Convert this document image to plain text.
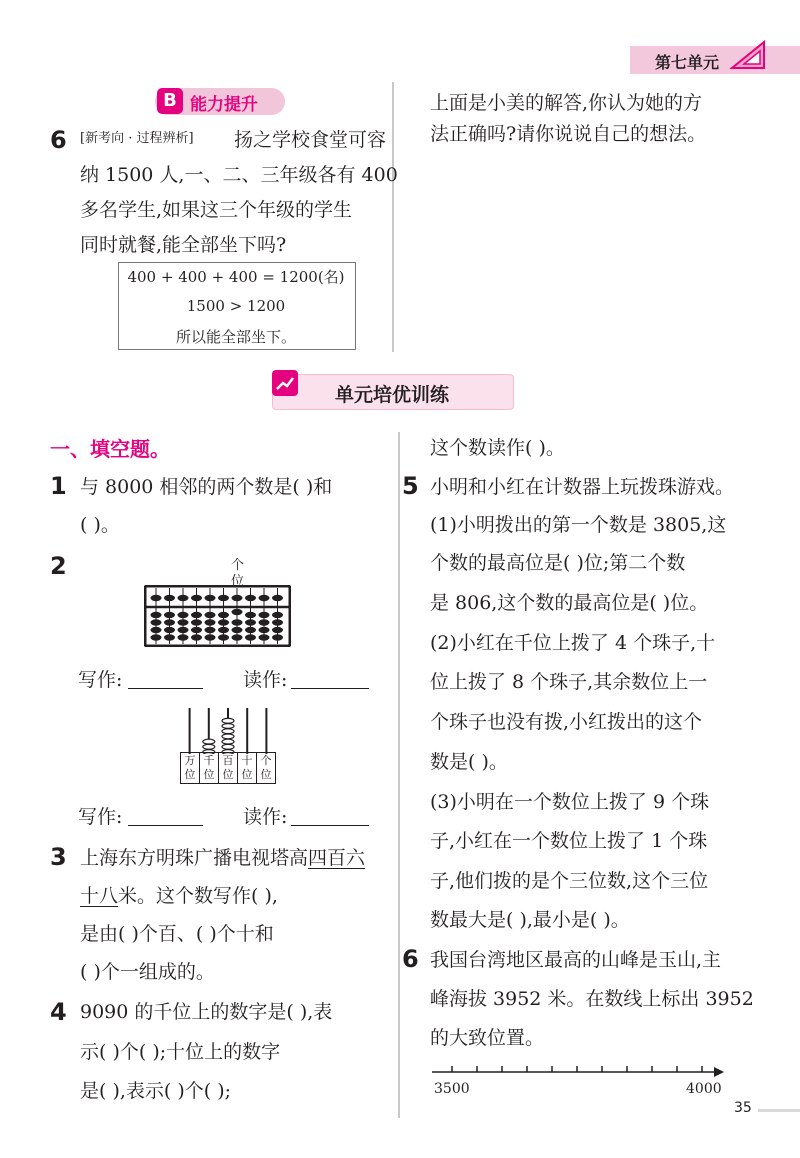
第七单元
B 能力提升
6 [新考向 · 过程辨析] 扬之学校食堂可容
纳 1500 人,一、二、三年级各有 400
多名学生,如果这三个年级的学生
同时就餐,能全部坐下吗?
400 + 400 + 400 = 1200(名)
1500 > 1200
所以能全部坐下。
上面是小美的解答,你认为她的方
法正确吗?请你说说自己的想法。
单元培优训练
一、填空题。
1 与 8000 相邻的两个数是( )和
( )。
2	个
位
写作:	读作:
万
位
千
位
百
位
十
位
个
位
写作:	读作:
3 上海东方明珠广播电视塔高四百六
十八米。这个数写作( ),
是由( )个百、( )个十和
( )个一组成的。
4 9090 的千位上的数字是( ),表
示( )个( );十位上的数字
是( ),表示( )个( );
这个数读作( )。
5 小明和小红在计数器上玩拨珠游戏。
(1)小明拨出的第一个数是 3805,这
个数的最高位是( )位;第二个数
是 806,这个数的最高位是( )位。
(2)小红在千位上拨了 4 个珠子,十
位上拨了 8 个珠子,其余数位上一
个珠子也没有拨,小红拨出的这个
数是( )。
(3)小明在一个数位上拨了 9 个珠
子,小红在一个数位上拨了 1 个珠
子,他们拨的是个三位数,这个三位
数最大是( ),最小是( )。
6 我国台湾地区最高的山峰是玉山,主
峰海拔 3952 米。在数线上标出 3952
的大致位置。
3500	4000
35
